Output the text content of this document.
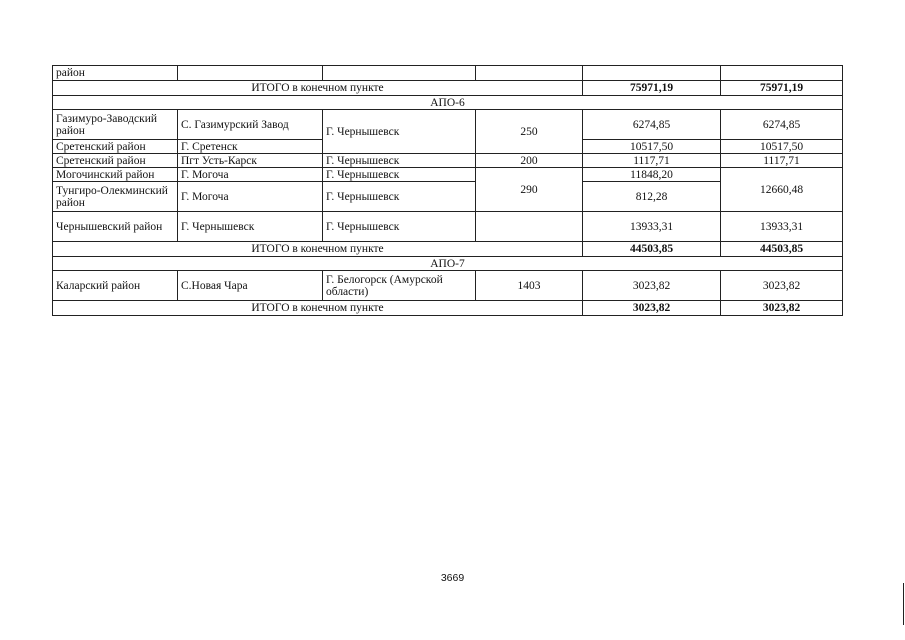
район					
ИТОГО в конечном пункте				75971,19	75971,19
АПО-6					
Газимуро-Заводский район	С. Газимурский Завод	Г. Чернышевск	250	6274,85	6274,85
Сретенский район	Г. Сретенск			10517,50	10517,50
Сретенский район	Пгт Усть-Карск	Г. Чернышевск	200	1117,71	1117,71
Могочинский район	Г. Могоча	Г. Чернышевск	290	11848,20	12660,48
Тунгиро-Олекминский район	Г. Могоча	Г. Чернышевск		812,28	
Чернышевский район	Г. Чернышевск	Г. Чернышевск		13933,31	13933,31
ИТОГО в конечном пункте				44503,85	44503,85
АПО-7					
Каларский район	С.Новая Чара	Г. Белогорск (Амурской области)	1403	3023,82	3023,82
ИТОГО в конечном пункте				3023,82	3023,82
3669
